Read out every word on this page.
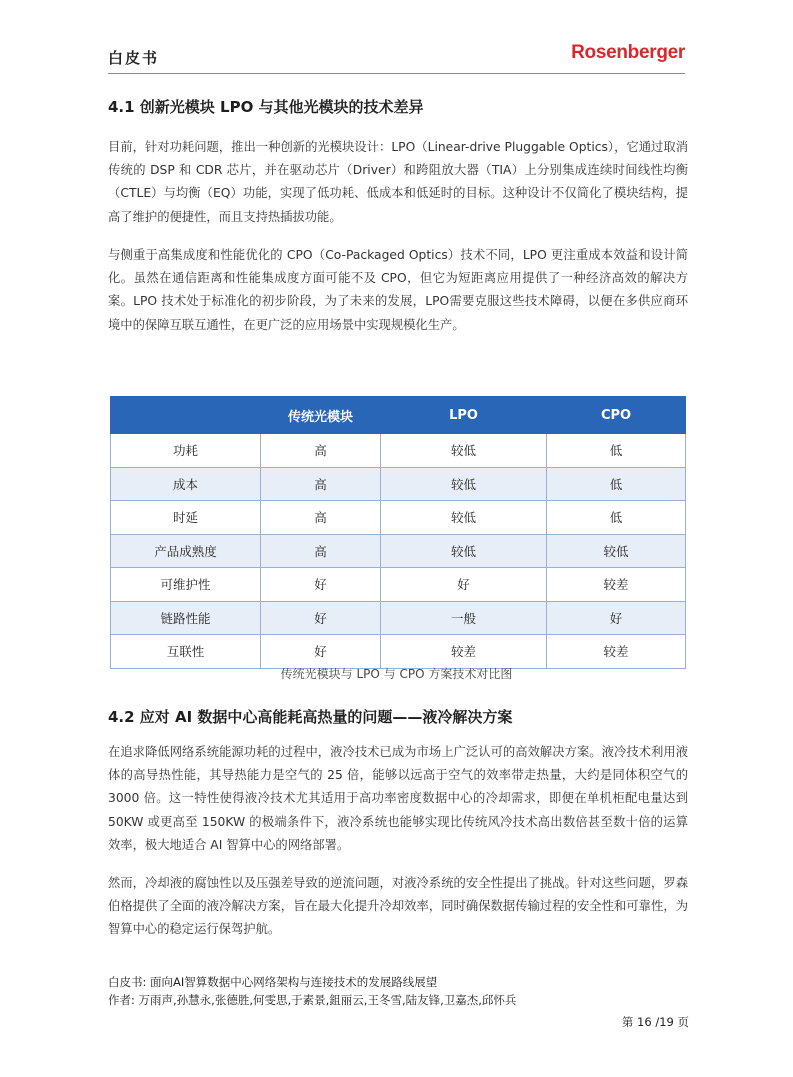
白皮书	Rosenberger
4.1 创新光模块 LPO 与其他光模块的技术差异
目前，针对功耗问题，推出一种创新的光模块设计：LPO（Linear-drive Pluggable Optics），它通过取消传统的 DSP 和 CDR 芯片，并在驱动芯片（Driver）和跨阻放大器（TIA）上分别集成连续时间线性均衡（CTLE）与均衡（EQ）功能，实现了低功耗、低成本和低延时的目标。这种设计不仅简化了模块结构，提高了维护的便捷性，而且支持热插拔功能。
与侧重于高集成度和性能优化的 CPO（Co-Packaged Optics）技术不同，LPO 更注重成本效益和设计简化。虽然在通信距离和性能集成度方面可能不及 CPO，但它为短距离应用提供了一种经济高效的解决方案。LPO 技术处于标准化的初步阶段，为了未来的发展，LPO需要克服这些技术障碍，以便在多供应商环境中的保障互联互通性，在更广泛的应用场景中实现规模化生产。
	传统光模块	LPO	CPO
功耗	高	较低	低
成本	高	较低	低
时延	高	较低	低
产品成熟度	高	较低	较低
可维护性	好	好	较差
链路性能	好	一般	好
互联性	好	较差	较差
传统光模块与 LPO 与 CPO 方案技术对比图
4.2 应对 AI 数据中心高能耗高热量的问题——液冷解决方案
在追求降低网络系统能源功耗的过程中，液冷技术已成为市场上广泛认可的高效解决方案。液冷技术利用液体的高导热性能，其导热能力是空气的 25 倍，能够以远高于空气的效率带走热量，大约是同体积空气的 3000 倍。这一特性使得液冷技术尤其适用于高功率密度数据中心的冷却需求，即便在单机柜配电量达到 50KW 或更高至 150KW 的极端条件下，液冷系统也能够实现比传统风冷技术高出数倍甚至数十倍的运算效率，极大地适合 AI 智算中心的网络部署。
然而，冷却液的腐蚀性以及压强差导致的逆流问题，对液冷系统的安全性提出了挑战。针对这些问题，罗森伯格提供了全面的液冷解决方案，旨在最大化提升冷却效率，同时确保数据传输过程的安全性和可靠性，为智算中心的稳定运行保驾护航。
白皮书: 面向AI智算数据中心网络架构与连接技术的发展路线展望
作者: 万雨声,孙慧永,张德胜,何雯思,于素景,鉏丽云,王冬雪,陆友锋,卫嘉杰,邱怀兵
第 16 /19 页
